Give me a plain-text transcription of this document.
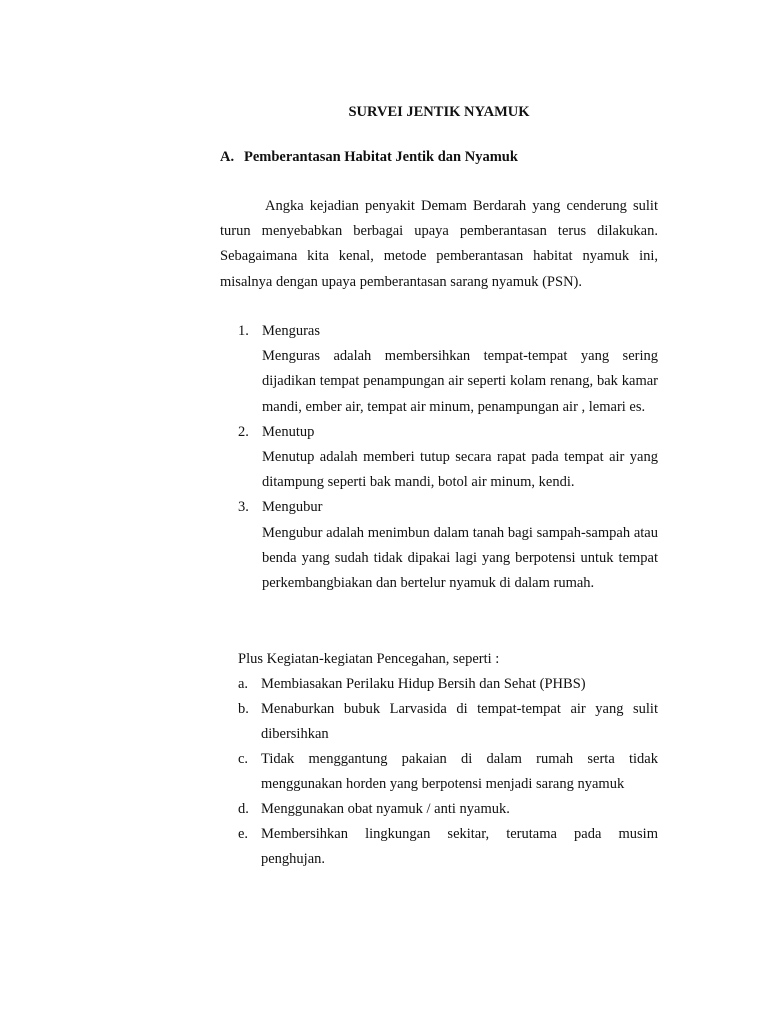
SURVEI JENTIK NYAMUK
A. Pemberantasan Habitat Jentik dan Nyamuk

Angka kejadian penyakit Demam Berdarah yang cenderung sulit turun menyebabkan berbagai upaya pemberantasan terus dilakukan. Sebagaimana kita kenal, metode pemberantasan habitat nyamuk ini, misalnya dengan upaya pemberantasan sarang nyamuk (PSN).

1. Menguras
Menguras adalah membersihkan tempat-tempat yang sering dijadikan tempat penampungan air seperti kolam renang, bak kamar mandi, ember air, tempat air minum, penampungan air , lemari es.
2. Menutup
Menutup adalah memberi tutup secara rapat pada tempat air yang ditampung seperti bak mandi, botol air minum, kendi.
3. Mengubur
Mengubur adalah menimbun dalam tanah bagi sampah-sampah atau benda yang sudah tidak dipakai lagi yang berpotensi untuk tempat perkembangbiakan dan bertelur nyamuk di dalam rumah.
Plus Kegiatan-kegiatan Pencegahan, seperti :
a. Membiasakan Perilaku Hidup Bersih dan Sehat (PHBS)
b. Menaburkan bubuk Larvasida di tempat-tempat air yang sulit dibersihkan
c. Tidak menggantung pakaian di dalam rumah serta tidak menggunakan horden yang berpotensi menjadi sarang nyamuk
d. Menggunakan obat nyamuk / anti nyamuk.
e. Membersihkan lingkungan sekitar, terutama pada musim penghujan.
